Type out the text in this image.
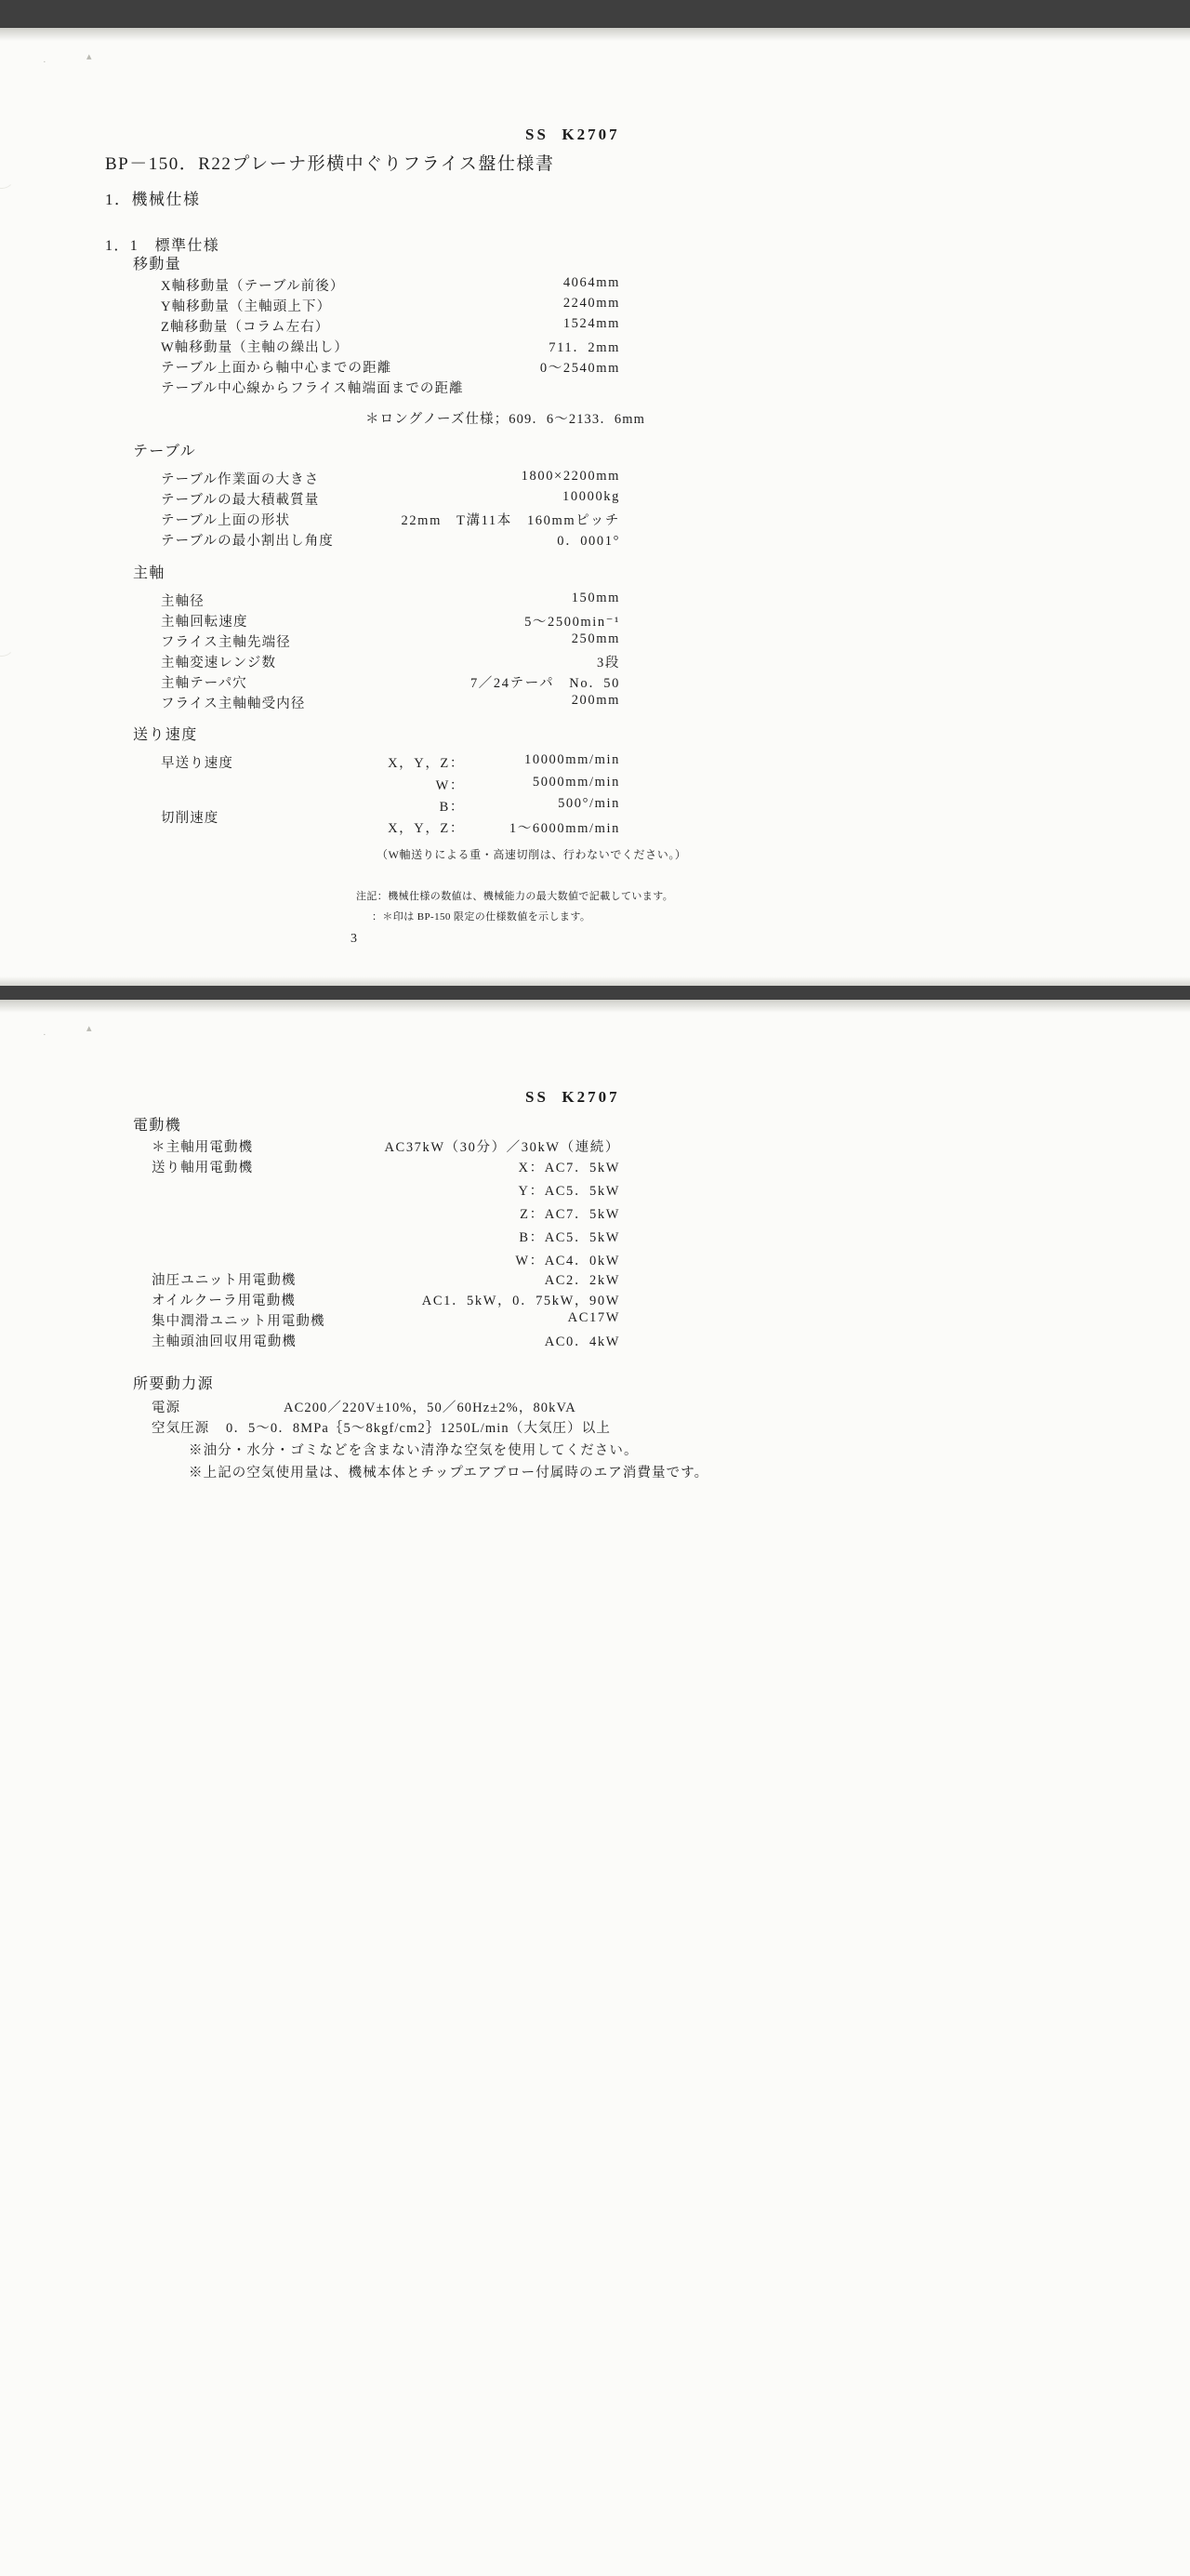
·	▴
SS  K2707
BP－150．R22プレーナ形横中ぐりフライス盤仕様書
1．機械仕様
1．1　標準仕様
移動量
X軸移動量（テーブル前後）	4064mm
Y軸移動量（主軸頭上下）	2240mm
Z軸移動量（コラム左右）	1524mm
W軸移動量（主軸の繰出し）	711．2mm
テーブル上面から軸中心までの距離	0～2540mm
テーブル中心線からフライス軸端面までの距離
＊ロングノーズ仕様；609．6～2133．6mm
テーブル
テーブル作業面の大きさ	1800×2200mm
テーブルの最大積載質量	10000kg
テーブル上面の形状	22mm　T溝11本　160mmピッチ
テーブルの最小割出し角度	0．0001°
主軸
主軸径	150mm
主軸回転速度	5～2500min⁻¹
フライス主軸先端径	250mm
主軸変速レンジ数	3段
主軸テーパ穴	7／24テーパ　No．50
フライス主軸軸受内径	200mm
送り速度
早送り速度	X，Y，Z：	10000mm/min
W：	5000mm/min
B：	500°/min
切削速度
X，Y，Z：	1～6000mm/min
（W軸送りによる重・高速切削は、行わないでください。）
注記：機械仕様の数値は、機械能力の最大数値で記載しています。
：＊印は BP-150 限定の仕様数値を示します。
3
·
▴
SS  K2707
電動機
＊主軸用電動機	AC37kW（30分）／30kW（連続）
送り軸用電動機	X：AC7．5kW
Y：AC5．5kW
Z：AC7．5kW
B：AC5．5kW
W：AC4．0kW
油圧ユニット用電動機	AC2．2kW
オイルクーラ用電動機	AC1．5kW，0．75kW，90W
集中潤滑ユニット用電動機	AC17W
主軸頭油回収用電動機	AC0．4kW
所要動力源
電源	AC200／220V±10%，50／60Hz±2%，80kVA
空気圧源 0．5～0．8MPa｛5～8kgf/cm2｝1250L/min（大気圧）以上
※油分・水分・ゴミなどを含まない清浄な空気を使用してください。
※上記の空気使用量は、機械本体とチップエアブロー付属時のエア消費量です。
